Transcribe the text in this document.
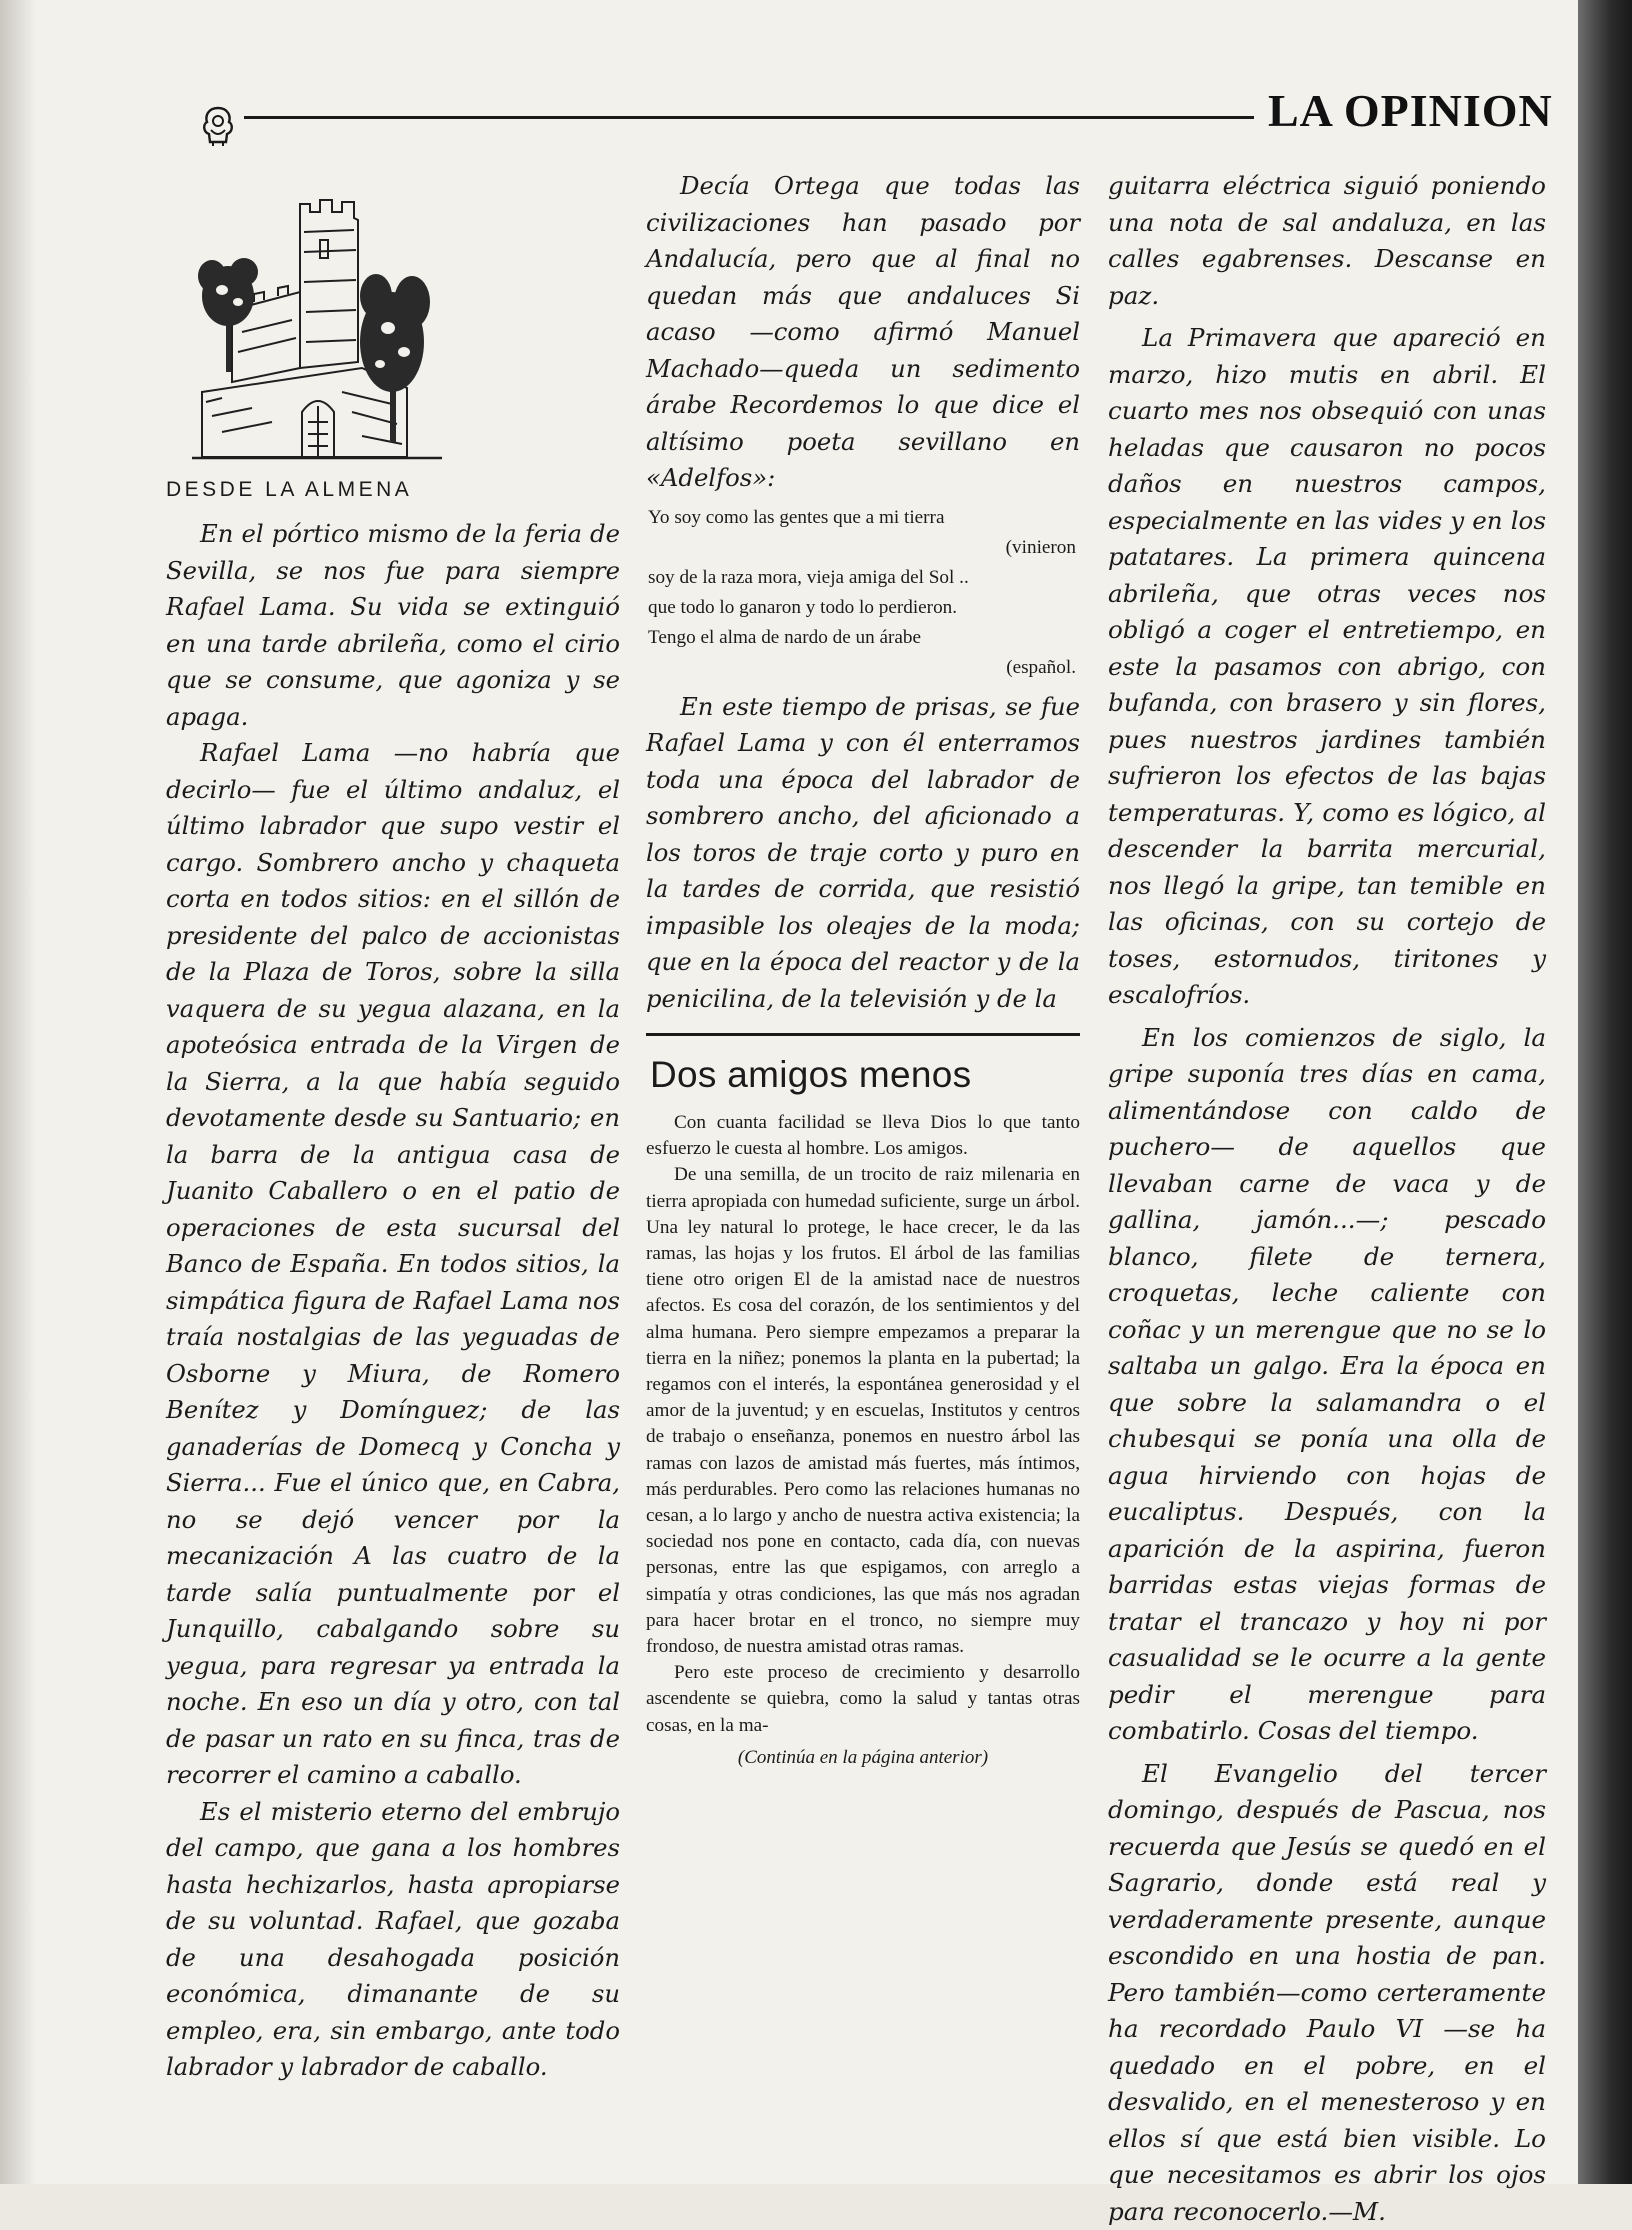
LA OPINION
DESDE LA ALMENA

En el pórtico mismo de la feria de Sevilla, se nos fue para siempre Rafael Lama. Su vida se extinguió en una tarde abrileña, como el cirio que se consume, que agoniza y se apaga.

Rafael Lama —no habría que decirlo— fue el último andaluz, el último labrador que supo vestir el cargo. Sombrero ancho y chaqueta corta en todos sitios: en el sillón de presidente del palco de accionistas de la Plaza de Toros, sobre la silla vaquera de su yegua alazana, en la apoteósica entrada de la Virgen de la Sierra, a la que había seguido devotamente desde su Santuario; en la barra de la antigua casa de Juanito Caballero o en el patio de operaciones de esta sucursal del Banco de España. En todos sitios, la simpática figura de Rafael Lama nos traía nostalgias de las yeguadas de Osborne y Miura, de Romero Benítez y Domínguez; de las ganaderías de Domecq y Concha y Sierra... Fue el único que, en Cabra, no se dejó vencer por la mecanización A las cuatro de la tarde salía puntualmente por el Junquillo, cabalgando sobre su yegua, para regresar ya entrada la noche. En eso un día y otro, con tal de pasar un rato en su finca, tras de recorrer el camino a caballo.

Es el misterio eterno del embrujo del campo, que gana a los hombres hasta hechizarlos, hasta apropiarse de su voluntad. Rafael, que gozaba de una desahogada posición económica, dimanante de su empleo, era, sin embargo, ante todo labrador y labrador de caballo.

Decía Ortega que todas las civilizaciones han pasado por Andalucía, pero que al final no quedan más que andaluces Si acaso —como afirmó Manuel Machado—queda un sedimento árabe Recordemos lo que dice el altísimo poeta sevillano en «Adelfos»:

Yo soy como las gentes que a mi tierra
(vinieron
soy de la raza mora, vieja amiga del Sol ..
que todo lo ganaron y todo lo perdieron.
Tengo el alma de nardo de un árabe
(español.

En este tiempo de prisas, se fue Rafael Lama y con él enterramos toda una época del labrador de sombrero ancho, del aficionado a los toros de traje corto y puro en la tardes de corrida, que resistió impasible los oleajes de la moda; que en la época del reactor y de la penicilina, de la televisión y de la

Dos amigos menos

Con cuanta facilidad se lleva Dios lo que tanto esfuerzo le cuesta al hombre. Los amigos.

De una semilla, de un trocito de raiz milenaria en tierra apropiada con humedad suficiente, surge un árbol. Una ley natural lo protege, le hace crecer, le da las ramas, las hojas y los frutos. El árbol de las familias tiene otro origen El de la amistad nace de nuestros afectos. Es cosa del corazón, de los sentimientos y del alma humana. Pero siempre empezamos a preparar la tierra en la niñez; ponemos la planta en la pubertad; la regamos con el interés, la espontánea generosidad y el amor de la juventud; y en escuelas, Institutos y centros de trabajo o enseñanza, ponemos en nuestro árbol las ramas con lazos de amistad más fuertes, más íntimos, más perdurables. Pero como las relaciones humanas no cesan, a lo largo y ancho de nuestra activa existencia; la sociedad nos pone en contacto, cada día, con nuevas personas, entre las que espigamos, con arreglo a simpatía y otras condiciones, las que más nos agradan para hacer brotar en el tronco, no siempre muy frondoso, de nuestra amistad otras ramas.

Pero este proceso de crecimiento y desarrollo ascendente se quiebra, como la salud y tantas otras cosas, en la ma-

(Continúa en la página anterior)

guitarra eléctrica siguió poniendo una nota de sal andaluza, en las calles egabrenses. Descanse en paz.

La Primavera que apareció en marzo, hizo mutis en abril. El cuarto mes nos obsequió con unas heladas que causaron no pocos daños en nuestros campos, especialmente en las vides y en los patatares. La primera quincena abrileña, que otras veces nos obligó a coger el entretiempo, en este la pasamos con abrigo, con bufanda, con brasero y sin flores, pues nuestros jardines también sufrieron los efectos de las bajas temperaturas. Y, como es lógico, al descender la barrita mercurial, nos llegó la gripe, tan temible en las oficinas, con su cortejo de toses, estornudos, tiritones y escalofríos.

En los comienzos de siglo, la gripe suponía tres días en cama, alimentándose con caldo de puchero— de aquellos que llevaban carne de vaca y de gallina, jamón...—; pescado blanco, filete de ternera, croquetas, leche caliente con coñac y un merengue que no se lo saltaba un galgo. Era la época en que sobre la salamandra o el chubesqui se ponía una olla de agua hirviendo con hojas de eucaliptus. Después, con la aparición de la aspirina, fueron barridas estas viejas formas de tratar el trancazo y hoy ni por casualidad se le ocurre a la gente pedir el merengue para combatirlo. Cosas del tiempo.

El Evangelio del tercer domingo, después de Pascua, nos recuerda que Jesús se quedó en el Sagrario, donde está real y verdaderamente presente, aunque escondido en una hostia de pan. Pero también—como certeramente ha recordado Paulo VI —se ha quedado en el pobre, en el desvalido, en el menesteroso y en ellos sí que está bien visible. Lo que necesitamos es abrir los ojos para reconocerlo.—M.
